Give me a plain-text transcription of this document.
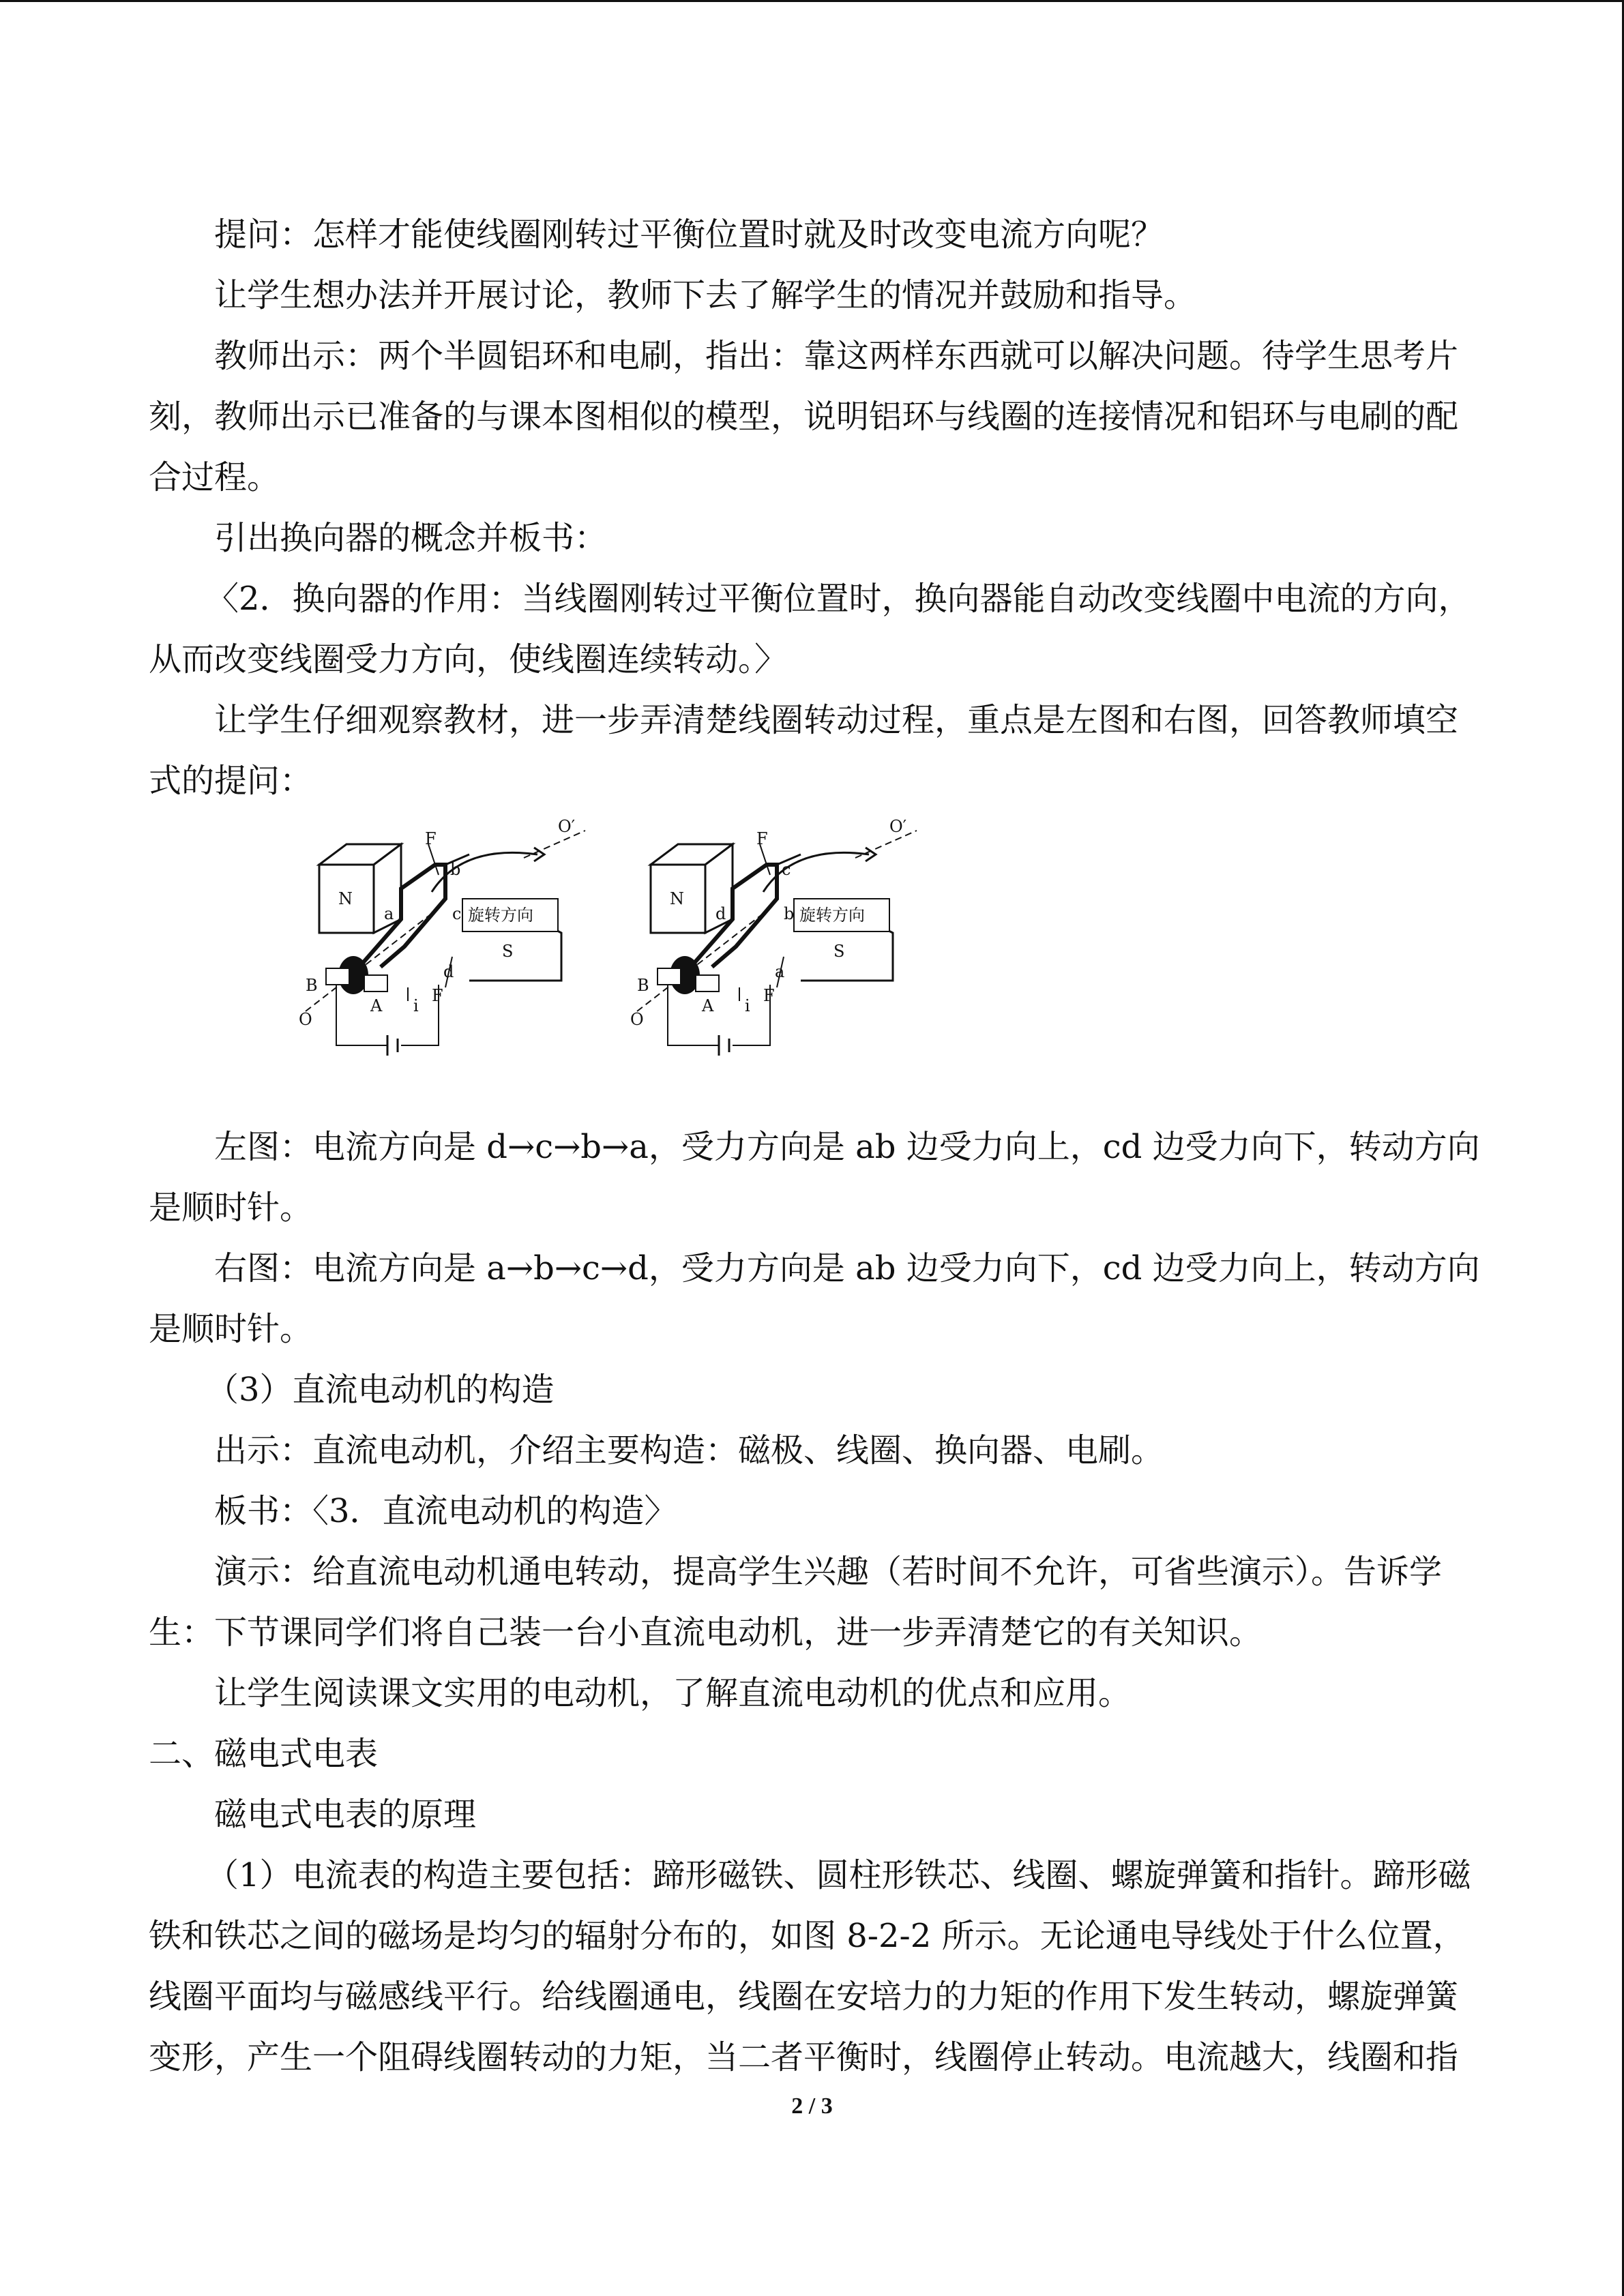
提问：怎样才能使线圈刚转过平衡位置时就及时改变电流方向呢？

让学生想办法并开展讨论，教师下去了解学生的情况并鼓励和指导。

教师出示：两个半圆铝环和电刷，指出：靠这两样东西就可以解决问题。待学生思考片

刻，教师出示已准备的与课本图相似的模型，说明铝环与线圈的连接情况和铝环与电刷的配

合过程。

引出换向器的概念并板书：

〈2．换向器的作用：当线圈刚转过平衡位置时，换向器能自动改变线圈中电流的方向，

从而改变线圈受力方向，使线圈连续转动。〉

让学生仔细观察教材，进一步弄清楚线圈转动过程，重点是左图和右图，回答教师填空

式的提问：

旋转方向
N
S
B
A
O
O′
F
F
i
a
b
c
d
旋转方向
N
S
B
A
O
O′
F
F
i
d
c
b
a

左图：电流方向是 d→c→b→a，受力方向是 ab 边受力向上，cd 边受力向下，转动方向

是顺时针。

右图：电流方向是 a→b→c→d，受力方向是 ab 边受力向下，cd 边受力向上，转动方向

是顺时针。

（3）直流电动机的构造

出示：直流电动机，介绍主要构造：磁极、线圈、换向器、电刷。

板书：〈3．直流电动机的构造〉

演示：给直流电动机通电转动，提高学生兴趣（若时间不允许，可省些演示）。告诉学

生：下节课同学们将自己装一台小直流电动机，进一步弄清楚它的有关知识。

让学生阅读课文实用的电动机，了解直流电动机的优点和应用。

二、磁电式电表

磁电式电表的原理

（1）电流表的构造主要包括：蹄形磁铁、圆柱形铁芯、线圈、螺旋弹簧和指针。蹄形磁

铁和铁芯之间的磁场是均匀的辐射分布的，如图 8-2-2 所示。无论通电导线处于什么位置，

线圈平面均与磁感线平行。给线圈通电，线圈在安培力的力矩的作用下发生转动，螺旋弹簧

变形，产生一个阻碍线圈转动的力矩，当二者平衡时，线圈停止转动。电流越大，线圈和指

2 / 3
